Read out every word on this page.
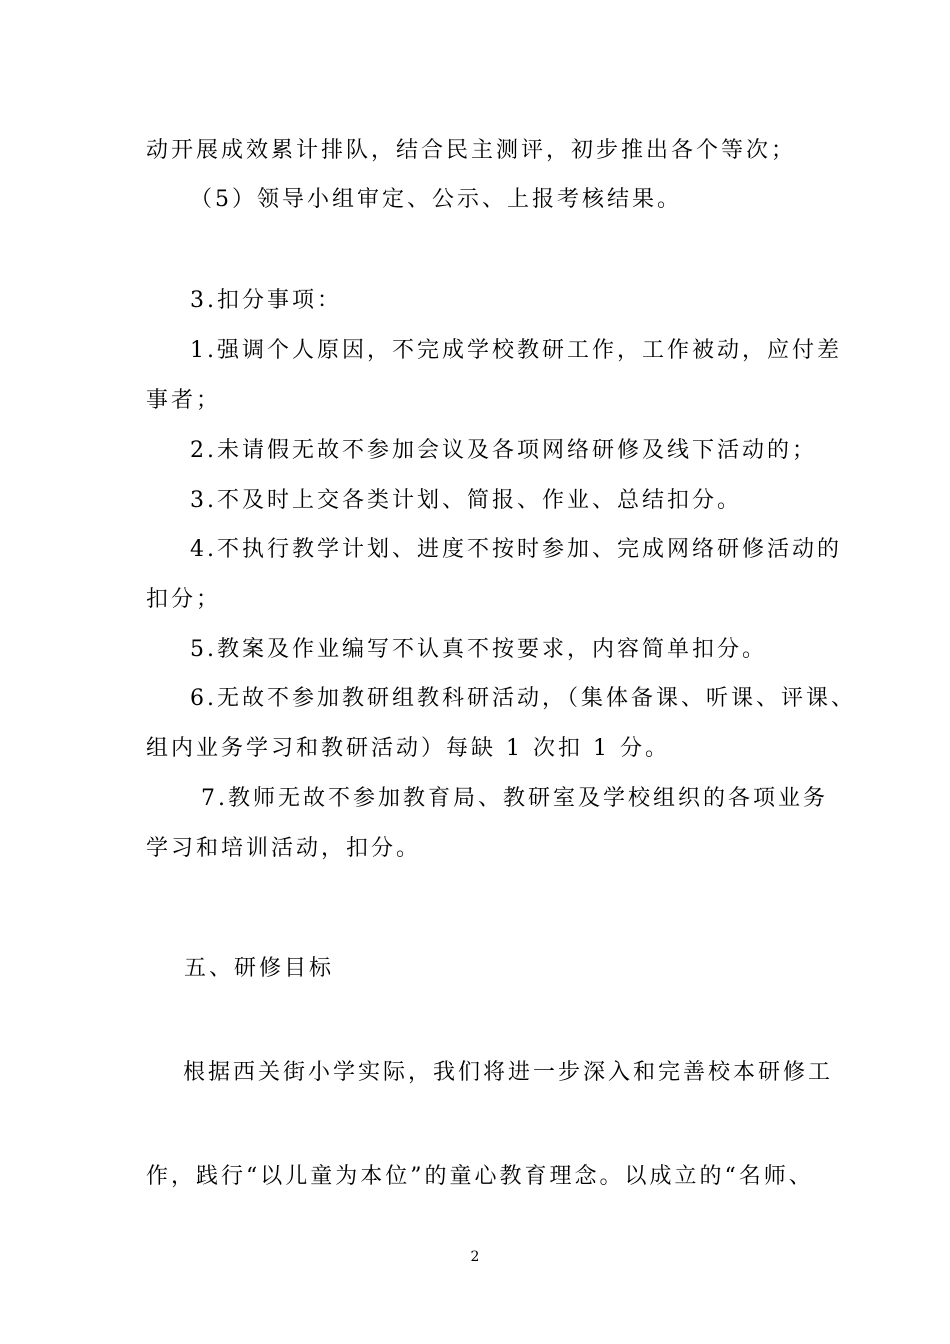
动开展成效累计排队，结合民主测评，初步推出各个等次；
（5）领导小组审定、公示、上报考核结果。
3.扣分事项：
1.强调个人原因，不完成学校教研工作，工作被动，应付差
事者；
2.未请假无故不参加会议及各项网络研修及线下活动的；
3.不及时上交各类计划、简报、作业、总结扣分。
4.不执行教学计划、进度不按时参加、完成网络研修活动的
扣分；
5.教案及作业编写不认真不按要求，内容简单扣分。
6.无故不参加教研组教科研活动，（集体备课、听课、评课、
组内业务学习和教研活动）每缺 1 次扣 1 分。
7.教师无故不参加教育局、教研室及学校组织的各项业务
学习和培训活动，扣分。
五、研修目标
根据西关街小学实际，我们将进一步深入和完善校本研修工
作，践行“以儿童为本位”的童心教育理念。以成立的“名师、
2
